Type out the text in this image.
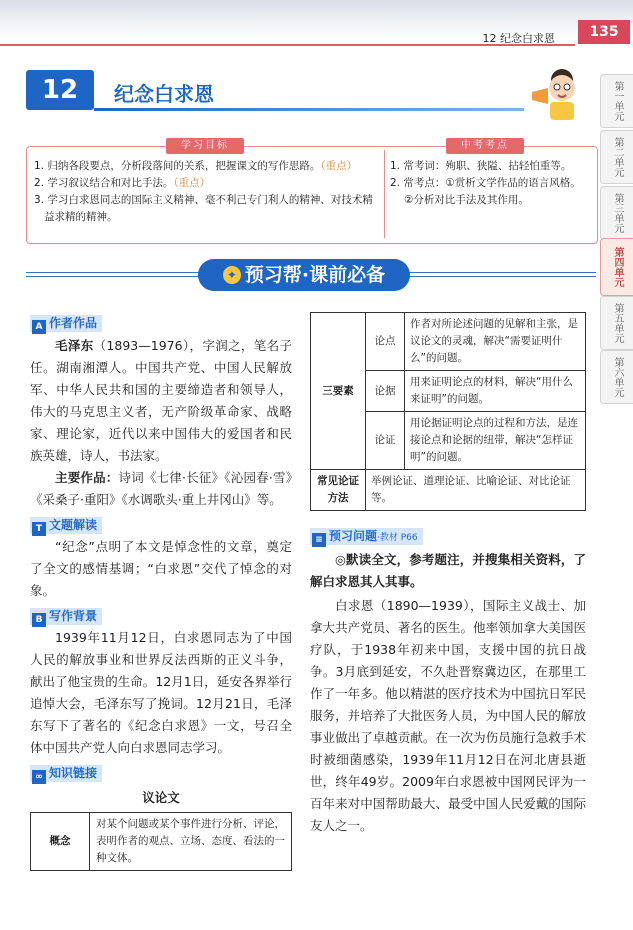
12 纪念白求恩	135
12	纪念白求恩
学习目标	中考考点
1. 归纳各段要点，分析段落间的关系，把握课文的写作思路。（重点）
2. 学习叙议结合和对比手法。（重点）
3. 学习白求恩同志的国际主义精神、毫不利己专门利人的精神、对技术精益求精的精神。
1. 常考词：殉职、狭隘、拈轻怕重等。
2. 常考点：①赏析文学作品的语言风格。
②分析对比手法及其作用。
✦ 预习帮·课前必备
A 作者作品
毛泽东（1893—1976），字润之，笔名子任。湖南湘潭人。中国共产党、中国人民解放军、中华人民共和国的主要缔造者和领导人，伟大的马克思主义者，无产阶级革命家、战略家、理论家，近代以来中国伟大的爱国者和民族英雄，诗人，书法家。
主要作品：诗词《七律·长征》《沁园春·雪》《采桑子·重阳》《水调歌头·重上井冈山》等。
T 文题解读
“纪念”点明了本文是悼念性的文章，奠定了全文的感情基调；“白求恩”交代了悼念的对象。
B 写作背景
1939年11月12日，白求恩同志为了中国人民的解放事业和世界反法西斯的正义斗争，献出了他宝贵的生命。12月1日，延安各界举行追悼大会，毛泽东写了挽词。12月21日，毛泽东写下了著名的《纪念白求恩》一文，号召全体中国共产党人向白求恩同志学习。
∞ 知识链接
议论文
概念	对某个问题或某个事件进行分析、评论，表明作者的观点、立场、态度、看法的一种文体。
三要素	论点	作者对所论述问题的见解和主张，是议论文的灵魂，解决“需要证明什么”的问题。
	论据	用来证明论点的材料，解决“用什么来证明”的问题。
	论证	用论据证明论点的过程和方法，是连接论点和论据的纽带，解决“怎样证明”的问题。
常见论证方法	举例论证、道理论证、比喻论证、对比论证等。	
≡ 预习问题·教材 P66
◎默读全文，参考题注，并搜集相关资料，了解白求恩其人其事。
白求恩（1890—1939），国际主义战士、加拿大共产党员、著名的医生。他率领加拿大美国医疗队，于1938年初来中国，支援中国的抗日战争。3月底到延安，不久赴晋察冀边区，在那里工作了一年多。他以精湛的医疗技术为中国抗日军民服务，并培养了大批医务人员，为中国人民的解放事业做出了卓越贡献。在一次为伤员施行急救手术时被细菌感染，1939年11月12日在河北唐县逝世，终年49岁。2009年白求恩被中国网民评为一百年来对中国帮助最大、最受中国人民爱戴的国际友人之一。
第一单元
第二单元
第三单元
第四单元
第五单元
第六单元
